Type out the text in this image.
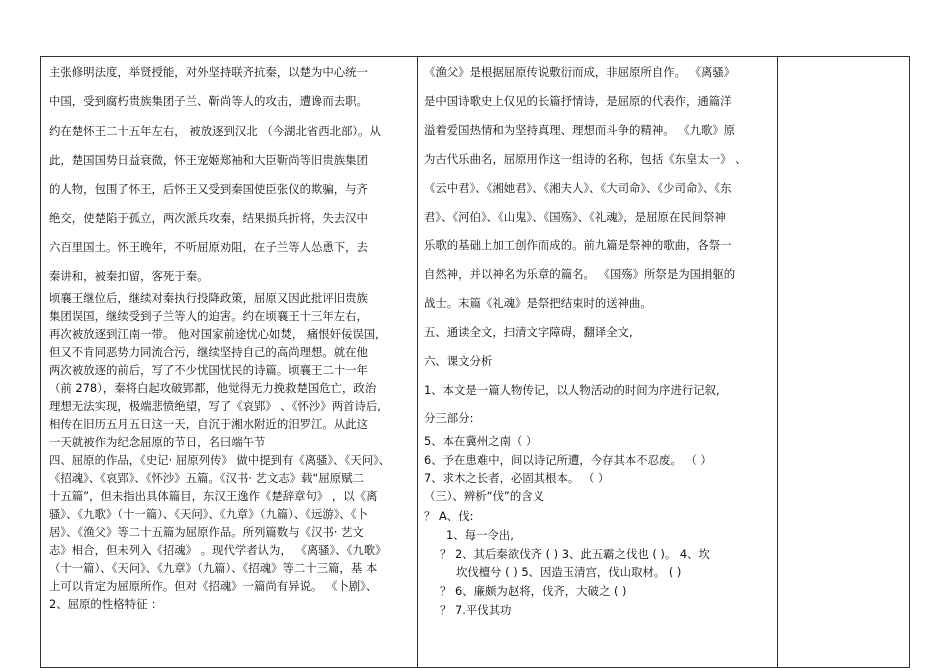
主张修明法度，举贤授能，对外坚持联齐抗秦，以楚为中心统一
中国，受到腐朽贵族集团子兰、靳尚等人的攻击，遭谗而去职。
约在楚怀王二十五年左右， 被放逐到汉北 （今湖北省西北部）。从
此，楚国国势日益衰微，怀王宠姬郑袖和大臣靳尚等旧贵族集团
的人物，包围了怀王，后怀王又受到秦国使臣张仪的欺骗，与齐
绝交，使楚陷于孤立，两次派兵攻秦，结果损兵折将，失去汉中
六百里国土。怀王晚年，不听屈原劝阻，在子兰等人怂恿下，去
秦讲和，被秦扣留，客死于秦。
顷襄王继位后，继续对秦执行投降政策，屈原又因此批评旧贵族
集团误国，继续受到子兰等人的迫害。约在顷襄王十三年左右，
再次被放逐到江南一带。 他对国家前途忧心如焚， 痛恨奸佞误国,
但又不肯同恶势力同流合污，继续坚持自己的高尚理想。就在他
两次被放逐的前后，写了不少忧国忧民的诗篇。顷襄王二十一年
（前 278），秦将白起攻破郢都，他觉得无力挽救楚国危亡，政治
理想无法实现，极端悲愤绝望，写了《哀郢》 、《怀沙》两首诗后,
相传在旧历五月五日这一天，自沉于湘水附近的汨罗江。从此这
一天就被作为纪念屈原的节日，名曰端午节
四、屈原的作品，《史记· 屈原列传》 做中提到有《离骚》、《天问》、
《招魂》、《哀郢》、《怀沙》五篇。《汉书· 艺文志》载“屈原赋二
十五篇”，但未指出具体篇目，东汉王逸作《楚辞章句》 ，以《离
骚》、《九歌》（十一篇）、《天问》、《九章》（九篇）、《远游》、《卜
居》、《渔父》等二十五篇为屈原作品。所列篇数与《汉书· 艺文
志》相合，但未列入《招魂》 。现代学者认为， 《离骚》、《九歌》
（十一篇）、《天问》、《九章》（九篇）、《招魂》等二十三篇，基 本
上可以肯定为屈原所作。但对《招魂》一篇尚有异说。 《卜剧》、
2、屈原的性格特征 ：
《渔父》是根据屈原传说敷衍而成，非屈原所自作。 《离骚》
是中国诗歌史上仅见的长篇抒情诗，是屈原的代表作，通篇洋
溢着爱国热情和为坚持真理、理想而斗争的精神。 《九歌》原
为古代乐曲名，屈原用作这一组诗的名称，包括《东皇太一》 、
《云中君》、《湘她君》、《湘夫人》、《大司命》、《少司命》、《东
君》、《河伯》、《山鬼》、《国殇》、《礼魂》，是屈原在民间祭神
乐歌的基础上加工创作而成的。前九篇是祭神的歌曲，各祭一
自然神，并以神名为乐章的篇名。 《国殇》所祭是为国捐躯的
战士。末篇《礼魂》是祭把结束时的送神曲。
五、通读全文，扫清文字障碍，翻译全文,
六、课文分析
1、本文是一篇人物传记，以人物活动的时间为序进行记叙,
分三部分:
5、本在冀州之南（ ）
6、予在患难中，间以诗记所遭，今存其本不忍废。 （ ）
7、求木之长者，必固其根本。 （ ）
（三）、辨析“伐”的含义
？ A、伐:
1、每一令出,
？ 2、其后秦欲伐齐 ( ) 3、此五霸之伐也 ( )。 4、坎
坎伐檀兮 ( ) 5、因造玉清宫，伐山取材。 ( )
？ 6、廉颇为赵将，伐齐，大破之 ( )
？ 7.平伐其功
